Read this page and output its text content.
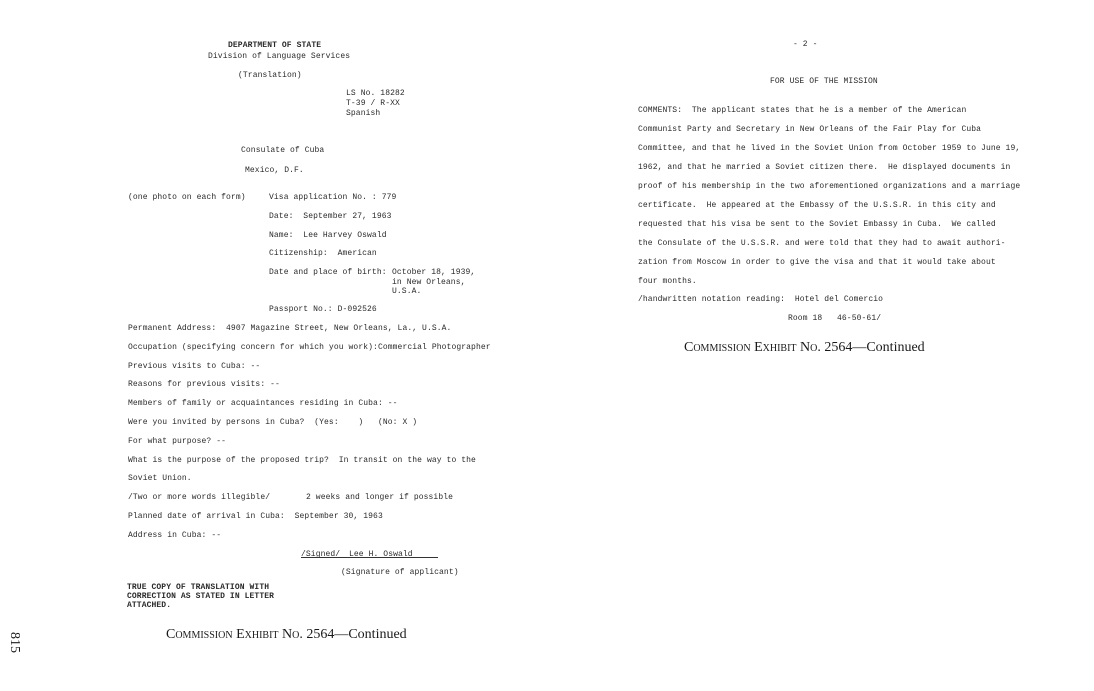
DEPARTMENT OF STATE
Division of Language Services
(Translation)
LS No. 18282
T-39 / R-XX
Spanish
Consulate of Cuba
Mexico, D.F.
(one photo on each form)	Visa application No. : 779
Date:  September 27, 1963
Name:  Lee Harvey Oswald
Citizenship:  American
Date and place of birth: October 18, 1939,
in New Orleans,
U.S.A.
Passport No.: D-092526
Permanent Address:  4907 Magazine Street, New Orleans, La., U.S.A.
Occupation (specifying concern for which you work):Commercial Photographer
Previous visits to Cuba: --
Reasons for previous visits: --
Members of family or acquaintances residing in Cuba: --
Were you invited by persons in Cuba?  (Yes:    )   (No: X )
For what purpose? --
What is the purpose of the proposed trip?  In transit on the way to the
Soviet Union.
/Two or more words illegible/	2 weeks and longer if possible
Planned date of arrival in Cuba:  September 30, 1963
Address in Cuba: --
/Signed/ Lee H. Oswald
(Signature of applicant)
TRUE COPY OF TRANSLATION WITH
CORRECTION AS STATED IN LETTER
ATTACHED.
Commission Exhibit No. 2564—Continued
815
- 2 -
FOR USE OF THE MISSION
COMMENTS:  The applicant states that he is a member of the American
Communist Party and Secretary in New Orleans of the Fair Play for Cuba
Committee, and that he lived in the Soviet Union from October 1959 to June 19,
1962, and that he married a Soviet citizen there.  He displayed documents in
proof of his membership in the two aforementioned organizations and a marriage
certificate.  He appeared at the Embassy of the U.S.S.R. in this city and
requested that his visa be sent to the Soviet Embassy in Cuba.  We called
the Consulate of the U.S.S.R. and were told that they had to await authori-
zation from Moscow in order to give the visa and that it would take about
four months.
/handwritten notation reading:  Hotel del Comercio
Room 18   46-50-61/
Commission Exhibit No. 2564—Continued
